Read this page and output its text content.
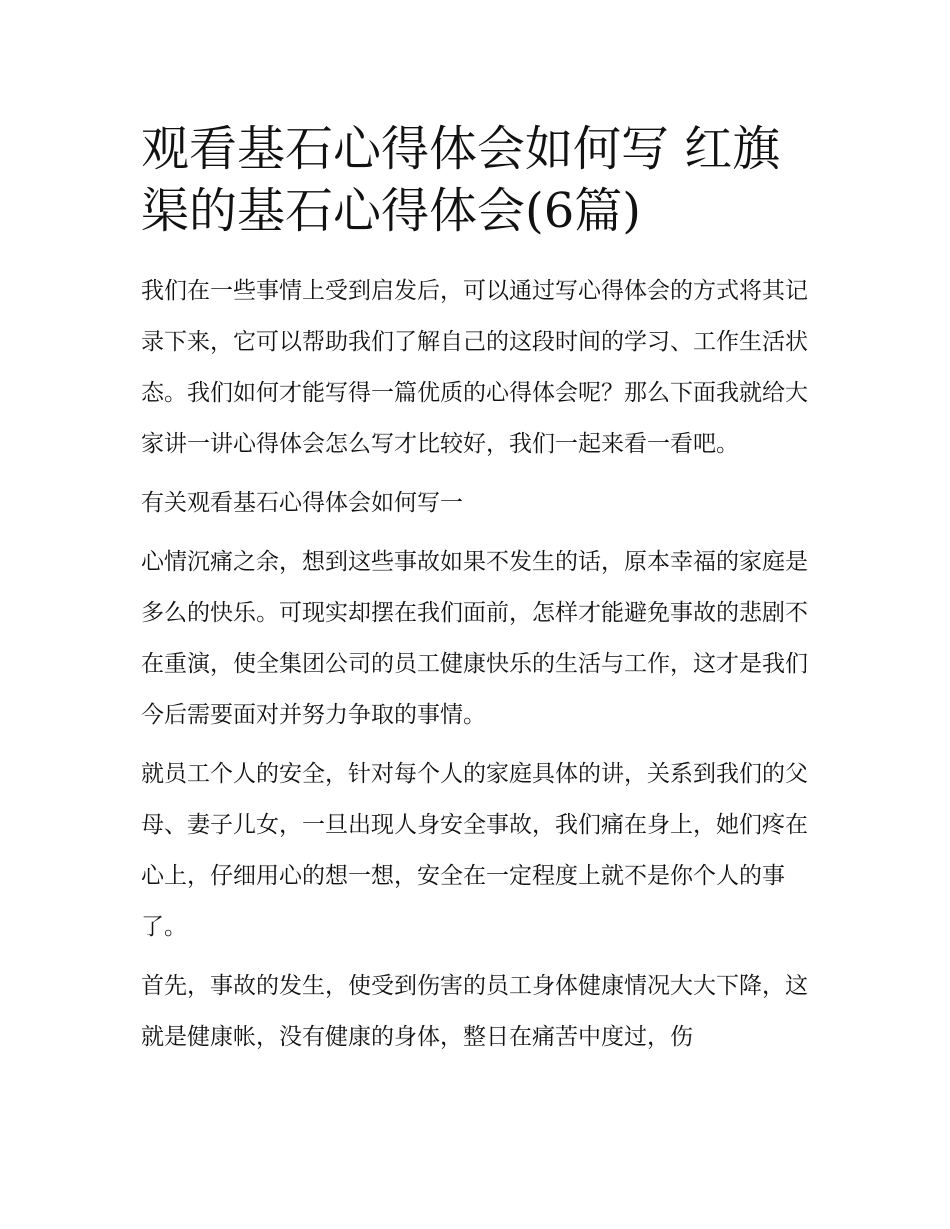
观看基石心得体会如何写 红旗渠的基石心得体会(6篇)

我们在一些事情上受到启发后，可以通过写心得体会的方式将其记录下来，它可以帮助我们了解自己的这段时间的学习、工作生活状态。我们如何才能写得一篇优质的心得体会呢？那么下面我就给大家讲一讲心得体会怎么写才比较好，我们一起来看一看吧。

有关观看基石心得体会如何写一

心情沉痛之余，想到这些事故如果不发生的话，原本幸福的家庭是多么的快乐。可现实却摆在我们面前，怎样才能避免事故的悲剧不在重演，使全集团公司的员工健康快乐的生活与工作，这才是我们今后需要面对并努力争取的事情。

就员工个人的安全，针对每个人的家庭具体的讲，关系到我们的父母、妻子儿女，一旦出现人身安全事故，我们痛在身上，她们疼在心上，仔细用心的想一想，安全在一定程度上就不是你个人的事了。

首先，事故的发生，使受到伤害的员工身体健康情况大大下降，这就是健康帐，没有健康的身体，整日在痛苦中度过，伤
